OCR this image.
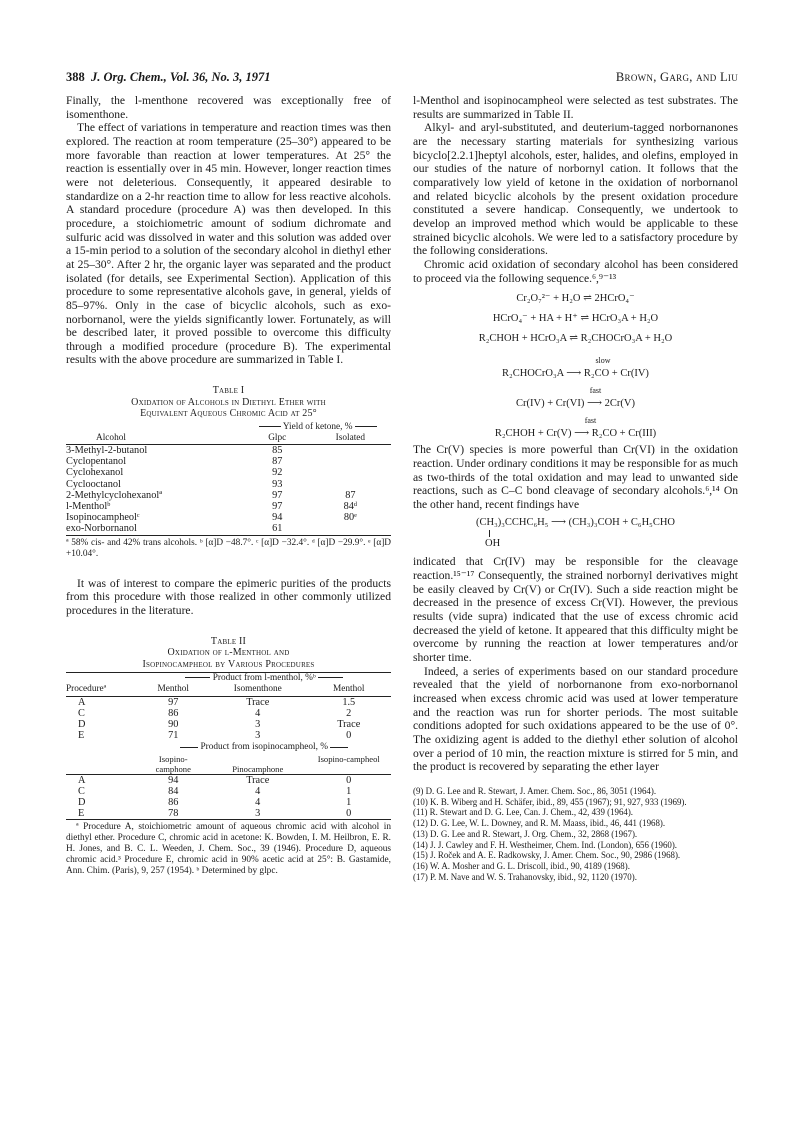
388 J. Org. Chem., Vol. 36, No. 3, 1971	Brown, Garg, and Liu

Finally, the l-menthone recovered was exceptionally free of isomenthone.

The effect of variations in temperature and reaction times was then explored. The reaction at room temperature (25–30°) appeared to be more favorable than reaction at lower temperatures. At 25° the reaction is essentially over in 45 min. However, longer reaction times were not deleterious. Consequently, it appeared desirable to standardize on a 2-hr reaction time to allow for less reactive alcohols. A standard procedure (procedure A) was then developed. In this procedure, a stoichiometric amount of sodium dichromate and sulfuric acid was dissolved in water and this solution was added over a 15-min period to a solution of the secondary alcohol in diethyl ether at 25–30°. After 2 hr, the organic layer was separated and the product isolated (for details, see Experimental Section). Application of this procedure to some representative alcohols gave, in general, yields of 85–97%. Only in the case of bicyclic alcohols, such as exo-norbornanol, were the yields significantly lower. Fortunately, as will be described later, it proved possible to overcome this difficulty through a modified procedure (procedure B). The experimental results with the above procedure are summarized in Table I.

Table I
Oxidation of Alcohols in Diethyl Ether with
Equivalent Aqueous Chromic Acid at 25°
	Yield of ketone, %	
Alcohol	Glpc	Isolated

3-Methyl-2-butanol	85	
Cyclopentanol	87	
Cyclohexanol	92	
Cyclooctanol	93	
2-Methylcyclohexanolª	97	87
l-Mentholᵇ	97	84ᵈ
Isopinocampheolᶜ	94	80ᵉ
exo-Norbornanol	61	

ª 58% cis- and 42% trans alcohols. ᵇ [α]D −48.7°. ᶜ [α]D −32.4°. ᵈ [α]D −29.9°. ᵉ [α]D +10.04°.

It was of interest to compare the epimeric purities of the products from this procedure with those realized in other commonly utilized procedures in the literature.

Table II
Oxidation of l-Menthol and
Isopinocampheol by Various Procedures

	Product from l-menthol, %ᵇ		
Procedureª	Menthol	Isomenthone	Menthol

A	97	Trace	1.5
C	86	4	2
D	90	3	Trace
E	71	3	0
	Product from isopinocampheol, %		
	Isopino-camphone	Pinocamphone	Isopino-campheol

A	94	Trace	0
C	84	4	1
D	86	4	1
E	78	3	0

ª Procedure A, stoichiometric amount of aqueous chromic acid with alcohol in diethyl ether. Procedure C, chromic acid in acetone: K. Bowden, I. M. Heilbron, E. R. H. Jones, and B. C. L. Weeden, J. Chem. Soc., 39 (1946). Procedure D, aqueous chromic acid.³ Procedure E, chromic acid in 90% acetic acid at 25°: B. Gastamide, Ann. Chim. (Paris), 9, 257 (1954). ᵇ Determined by glpc.

l-Menthol and isopinocampheol were selected as test substrates. The results are summarized in Table II.

Alkyl- and aryl-substituted, and deuterium-tagged norbornanones are the necessary starting materials for synthesizing various bicyclo[2.2.1]heptyl alcohols, ester, halides, and olefins, employed in our studies of the nature of norbornyl cation. It follows that the comparatively low yield of ketone in the oxidation of norbornanol and related bicyclic alcohols by the present oxidation procedure constituted a severe handicap. Consequently, we undertook to develop an improved method which would be applicable to these strained bicyclic alcohols. We were led to a satisfactory procedure by the following considerations.

Chromic acid oxidation of secondary alcohol has been considered to proceed via the following sequence.⁶,⁹⁻¹³

Cr₂O₇²⁻ + H₂O ⇌ 2HCrO₄⁻
HCrO₄⁻ + HA + H⁺ ⇌ HCrO₃A + H₂O
R₂CHOH + HCrO₃A ⇌ R₂CHOCrO₃A + H₂O
slow
R₂CHOCrO₃A ⟶ R₂CO + Cr(IV)
fast
Cr(IV) + Cr(VI) ⟶ 2Cr(V)
fast
R₂CHOH + Cr(V) ⟶ R₂CO + Cr(III)

The Cr(V) species is more powerful than Cr(VI) in the oxidation reaction. Under ordinary conditions it may be responsible for as much as two-thirds of the total oxidation and may lead to unwanted side reactions, such as C–C bond cleavage of secondary alcohols.⁶,¹⁴ On the other hand, recent findings have

(CH₃)₃CCHC₆H₅ ⟶ (CH₃)₃COH + C₆H₅CHO
OH

indicated that Cr(IV) may be responsible for the cleavage reaction.¹⁵⁻¹⁷ Consequently, the strained norbornyl derivatives might be easily cleaved by Cr(V) or Cr(IV). Such a side reaction might be decreased in the presence of excess Cr(VI). However, the previous results (vide supra) indicated that the use of excess chromic acid decreased the yield of ketone. It appeared that this difficulty might be overcome by running the reaction at lower temperatures and/or shorter time.

Indeed, a series of experiments based on our standard procedure revealed that the yield of norbornanone from exo-norbornanol increased when excess chromic acid was used at lower temperature and the reaction was run for shorter periods. The most suitable conditions adopted for such oxidations appeared to be the use of 0°. The oxidizing agent is added to the diethyl ether solution of alcohol over a period of 10 min, the reaction mixture is stirred for 5 min, and the product is recovered by separating the ether layer

(9) D. G. Lee and R. Stewart, J. Amer. Chem. Soc., 86, 3051 (1964).
(10) K. B. Wiberg and H. Schäfer, ibid., 89, 455 (1967); 91, 927, 933 (1969).
(11) R. Stewart and D. G. Lee, Can. J. Chem., 42, 439 (1964).
(12) D. G. Lee, W. L. Downey, and R. M. Maass, ibid., 46, 441 (1968).
(13) D. G. Lee and R. Stewart, J. Org. Chem., 32, 2868 (1967).
(14) J. J. Cawley and F. H. Westheimer, Chem. Ind. (London), 656 (1960).
(15) J. Roček and A. E. Radkowsky, J. Amer. Chem. Soc., 90, 2986 (1968).
(16) W. A. Mosher and G. L. Driscoll, ibid., 90, 4189 (1968).
(17) P. M. Nave and W. S. Trahanovsky, ibid., 92, 1120 (1970).
